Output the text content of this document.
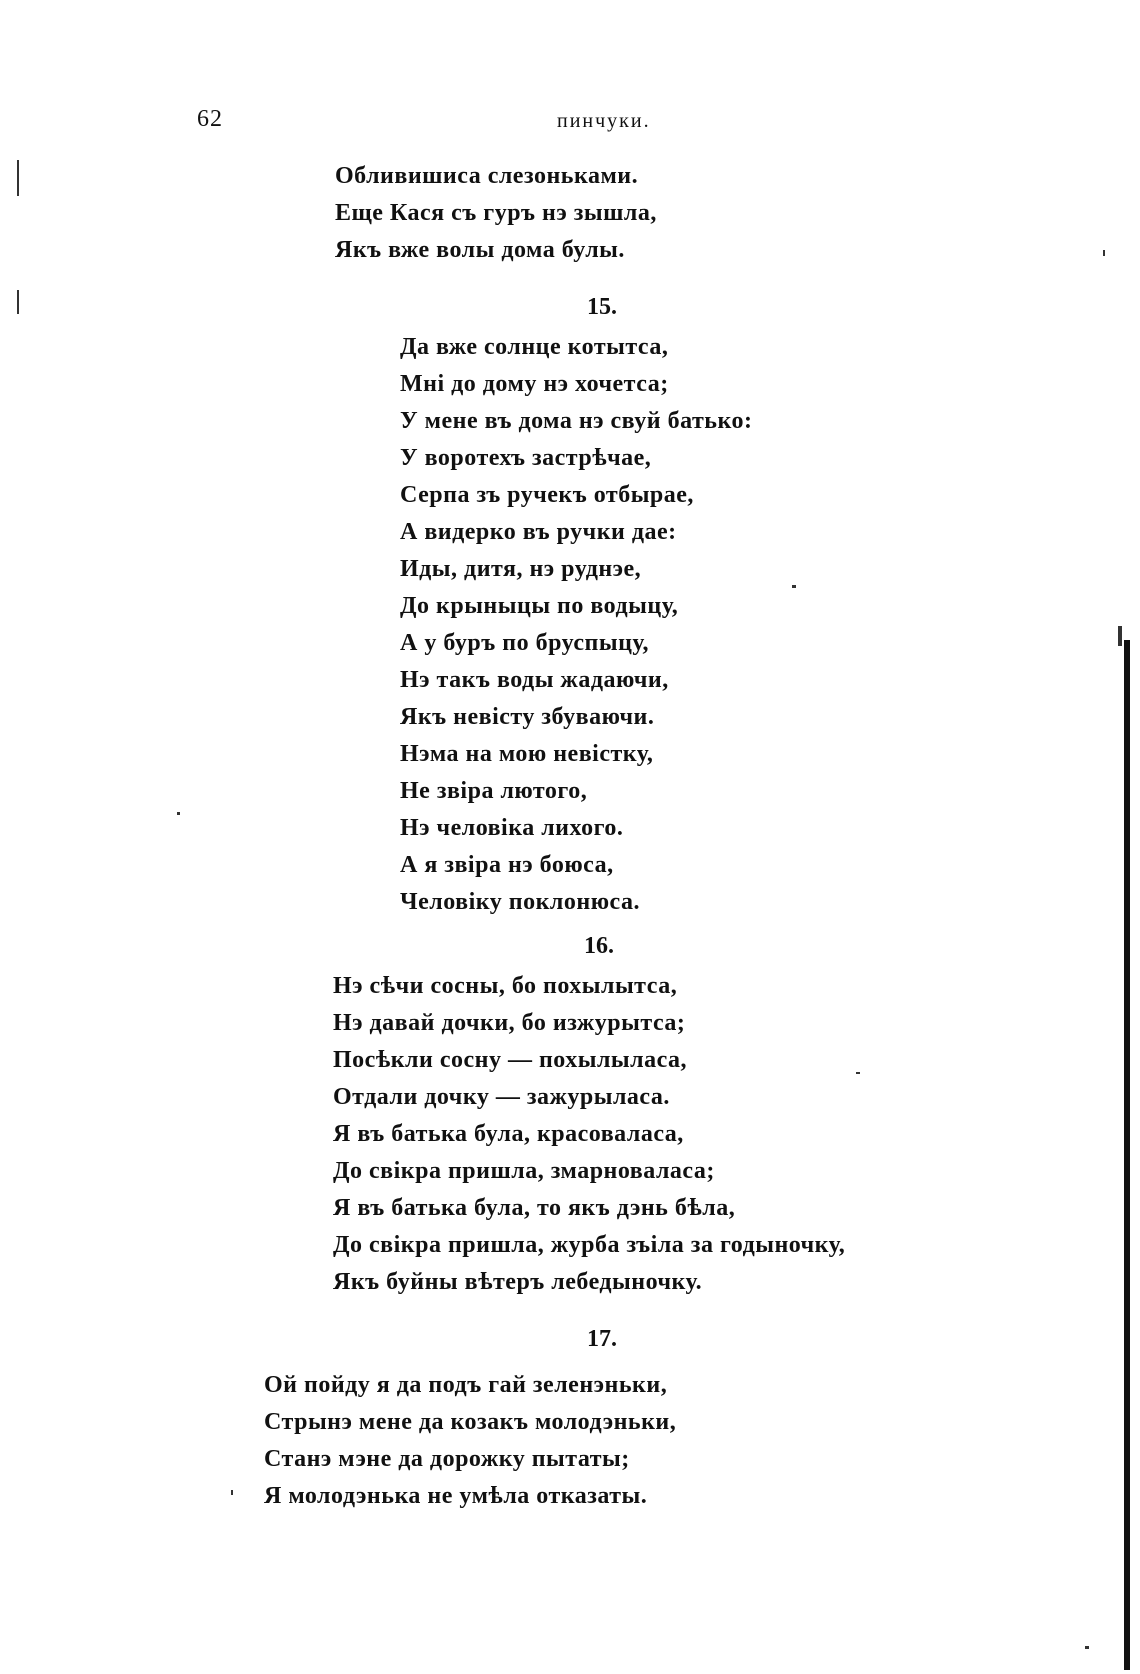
62	пинчуки.
Обливишиса слезоньками.
Еще Кася съ гуръ нэ зышла,
Якъ вже волы дома булы.
15.
Да вже солнце котытса,
Мнi до дому нэ хочетса;
У мене въ дома нэ свуй батько:
У воротехъ застрѣчае,
Серпа зъ ручекъ отбырае,
А видерко въ ручки дае:
Иды, дитя, нэ руднэе,
До крыныцы по водыцу,
А у буръ по бруспыцу,
Нэ такъ воды жадаючи,
Якъ невiсту збуваючи.
Нэма на мою невiстку,
Не звiра лютого,
Нэ человiка лихого.
А я звiра нэ боюса,
Человiку поклонюса.
16.
Нэ сѣчи сосны, бо похылытса,
Нэ давай дочки, бо изжурытса;
Посѣкли сосну — похылыласа,
Отдали дочку — зажурыласа.
Я въ батька була, красоваласа,
До свiкра пришла, змарноваласа;
Я въ батька була, то якъ дэнь бѣла,
До свiкра пришла, журба зъiла за годыночку,
Якъ буйны вѣтеръ лебедыночку.
17.
Ой пойду я да подъ гай зеленэньки,
Стрынэ мене да козакъ молодэньки,
Станэ мэне да дорожку пытаты;
Я молодэнька не умѣла отказаты.
